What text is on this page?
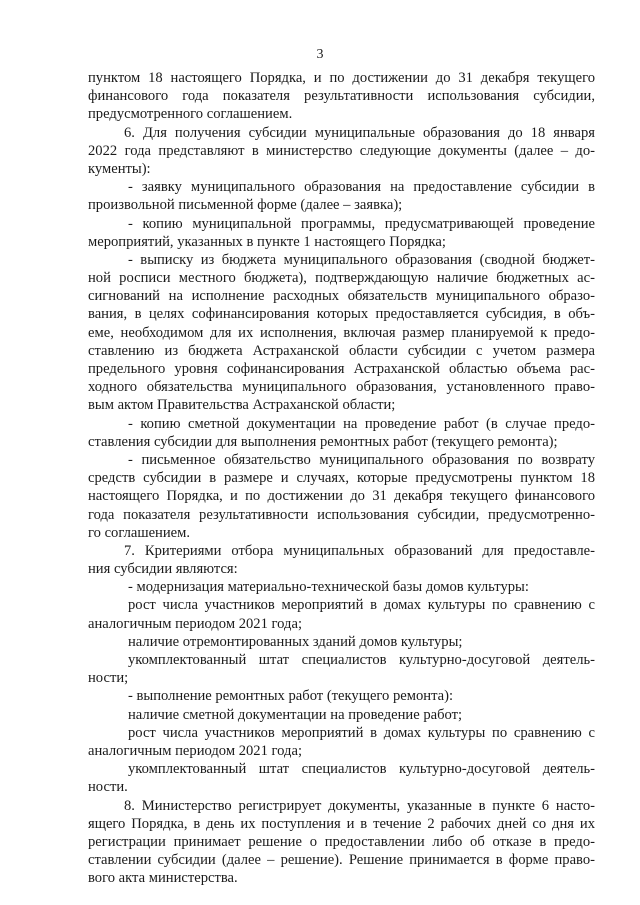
3
пунктом 18 настоящего Порядка, и по достижении до 31 декабря текущего
финансового года показателя результативности использования субсидии,
предусмотренного соглашением.
6. Для получения субсидии муниципальные образования до 18 января
2022 года представляют в министерство следующие документы (далее – до-
кументы):
- заявку муниципального образования на предоставление субсидии в
произвольной письменной форме (далее – заявка);
- копию муниципальной программы, предусматривающей проведение
мероприятий, указанных в пункте 1 настоящего Порядка;
- выписку из бюджета муниципального образования (сводной бюджет-
ной росписи местного бюджета), подтверждающую наличие бюджетных ас-
сигнований на исполнение расходных обязательств муниципального образо-
вания, в целях софинансирования которых предоставляется субсидия, в объ-
еме, необходимом для их исполнения, включая размер планируемой к предо-
ставлению из бюджета Астраханской области субсидии с учетом размера
предельного уровня софинансирования Астраханской областью объема рас-
ходного обязательства муниципального образования, установленного право-
вым актом Правительства Астраханской области;
- копию сметной документации на проведение работ (в случае предо-
ставления субсидии для выполнения ремонтных работ (текущего ремонта);
- письменное обязательство муниципального образования по возврату
средств субсидии в размере и случаях, которые предусмотрены пунктом 18
настоящего Порядка, и по достижении до 31 декабря текущего финансового
года показателя результативности использования субсидии, предусмотренно-
го соглашением.
7. Критериями отбора муниципальных образований для предоставле-
ния субсидии являются:
- модернизация материально-технической базы домов культуры:
рост числа участников мероприятий в домах культуры по сравнению с
аналогичным периодом 2021 года;
наличие отремонтированных зданий домов культуры;
укомплектованный штат специалистов культурно-досуговой деятель-
ности;
- выполнение ремонтных работ (текущего ремонта):
наличие сметной документации на проведение работ;
рост числа участников мероприятий в домах культуры по сравнению с
аналогичным периодом 2021 года;
укомплектованный штат специалистов культурно-досуговой деятель-
ности.
8. Министерство регистрирует документы, указанные в пункте 6 насто-
ящего Порядка, в день их поступления и в течение 2 рабочих дней со дня их
регистрации принимает решение о предоставлении либо об отказе в предо-
ставлении субсидии (далее – решение). Решение принимается в форме право-
вого акта министерства.
